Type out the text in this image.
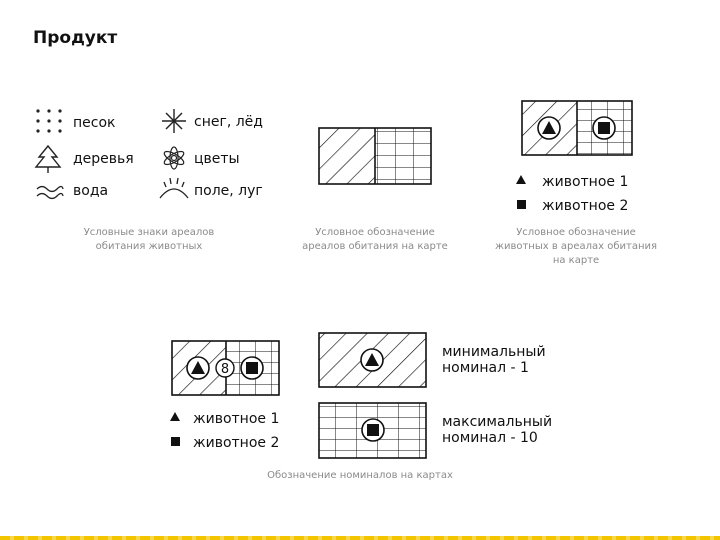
Продукт
песок	снег, лёд
деревья	цветы
вода	поле, луг
Условные знаки ареалов
обитания животных
Условное обозначение
ареалов обитания на карте
животное 1
животное 2
Условное обозначение
животных в ареалах обитания
на карте
8
животное 1
животное 2
минимальный
номинал - 1
максимальный
номинал - 10
Обозначение номиналов на картах
